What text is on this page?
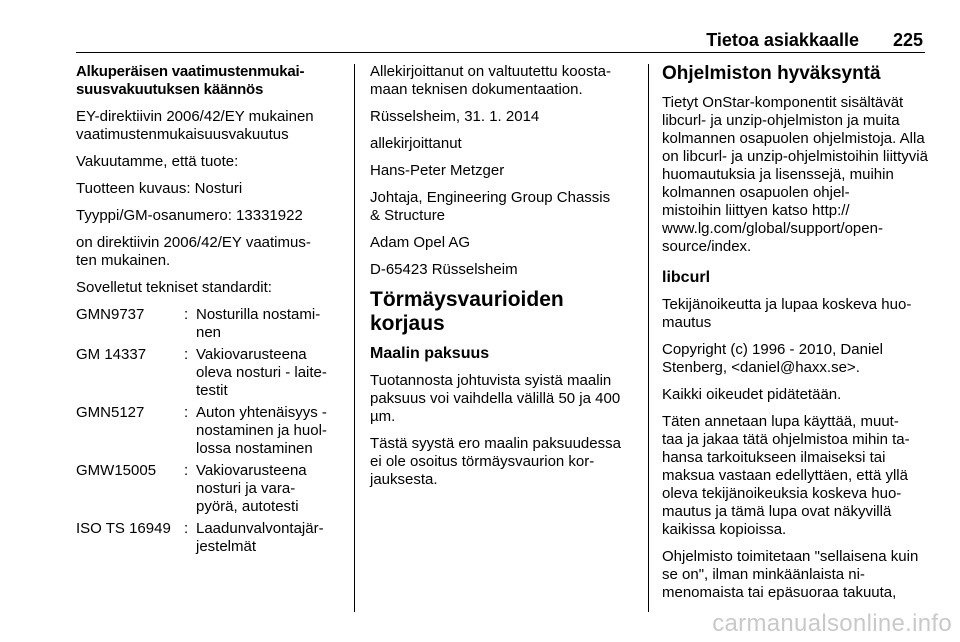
Tietoa asiakkaalle 225

Alkuperäisen vaatimustenmukai-
suusvakuutuksen käännös

EY-direktiivin 2006/42/EY mukainen vaatimustenmukaisuusvakuutus

Vakuutamme, että tuote:

Tuotteen kuvaus: Nosturi

Tyyppi/GM-osanumero: 13331922

on direktiivin 2006/42/EY vaatimus-
ten mukainen.

Sovelletut tekniset standardit:

GMN9737	:	Nosturilla nostami-
nen
GM 14337	:	Vakiovarusteena
oleva nosturi - laite-
testit
GMN5127	:	Auton yhtenäisyys -
nostaminen ja huol-
lossa nostaminen
GMW15005	:	Vakiovarusteena
nosturi ja vara-
pyörä, autotesti
ISO TS 16949	:	Laadunvalvontajär-
jestelmät

Allekirjoittanut on valtuutettu koosta-
maan teknisen dokumentaation.

Rüsselsheim, 31. 1. 2014

allekirjoittanut

Hans-Peter Metzger

Johtaja, Engineering Group Chassis
& Structure

Adam Opel AG

D-65423 Rüsselsheim

Törmäysvaurioiden korjaus

Maalin paksuus

Tuotannosta johtuvista syistä maalin paksuus voi vaihdella välillä 50 ja 400 µm.

Tästä syystä ero maalin paksuudessa ei ole osoitus törmäysvaurion kor-
jauksesta.

Ohjelmiston hyväksyntä

Tietyt OnStar-komponentit sisältävät libcurl- ja unzip-ohjelmiston ja muita kolmannen osapuolen ohjelmistoja. Alla on libcurl- ja unzip-ohjelmistoihin liittyviä huomautuksia ja lisenssejä, muihin kolmannen osapuolen ohjel-
mistoihin liittyen katso http://
www.lg.com/global/support/open-
source/index.

libcurl

Tekijänoikeutta ja lupaa koskeva huo-
mautus

Copyright (c) 1996 - 2010, Daniel Stenberg, <daniel@haxx.se>.

Kaikki oikeudet pidätetään.

Täten annetaan lupa käyttää, muut-
taa ja jakaa tätä ohjelmistoa mihin ta-
hansa tarkoitukseen ilmaiseksi tai maksua vastaan edellyttäen, että yllä oleva tekijänoikeuksia koskeva huo-
mautus ja tämä lupa ovat näkyvillä kaikissa kopioissa.

Ohjelmisto toimitetaan "sellaisena kuin se on", ilman minkäänlaista ni-
menomaista tai epäsuoraa takuuta,

carmanualsonline.info
